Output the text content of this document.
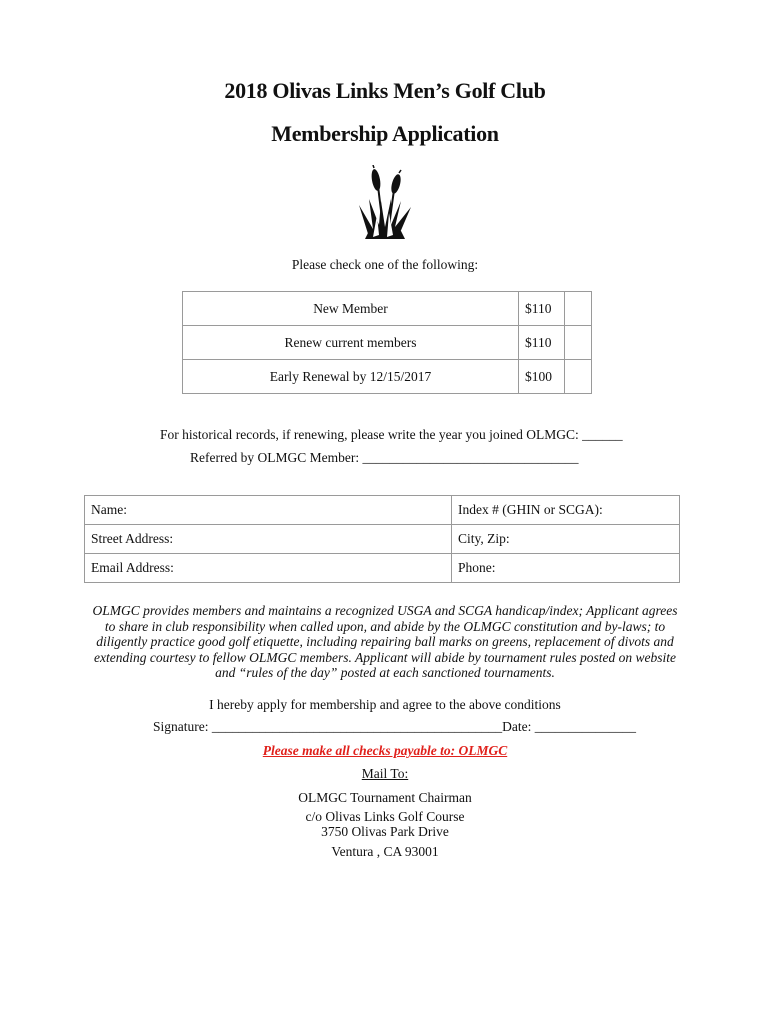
2018 Olivas Links Men’s Golf Club
Membership Application
Please check one of the following:
New Member	$110	
Renew current members	$110	
Early Renewal by 12/15/2017	$100	
For historical records, if renewing, please write the year you joined OLMGC: ______
Referred by OLMGC Member: ________________________________
Name:	Index # (GHIN or SCGA):
Street Address:	City, Zip:
Email Address:	Phone:
OLMGC provides members and maintains a recognized USGA and SCGA handicap/index; Applicant agrees to share in club responsibility when called upon, and abide by the OLMGC constitution and by-laws; to diligently practice good golf etiquette, including repairing ball marks on greens, replacement of divots and extending courtesy to fellow OLMGC members. Applicant will abide by tournament rules posted on website and “rules of the day” posted at each sanctioned tournaments.
I hereby apply for membership and agree to the above conditions
Signature: ___________________________________________Date: _______________
Please make all checks payable to: OLMGC
Mail To:
OLMGC Tournament Chairman
c/o Olivas Links Golf Course
3750 Olivas Park Drive
Ventura , CA 93001
